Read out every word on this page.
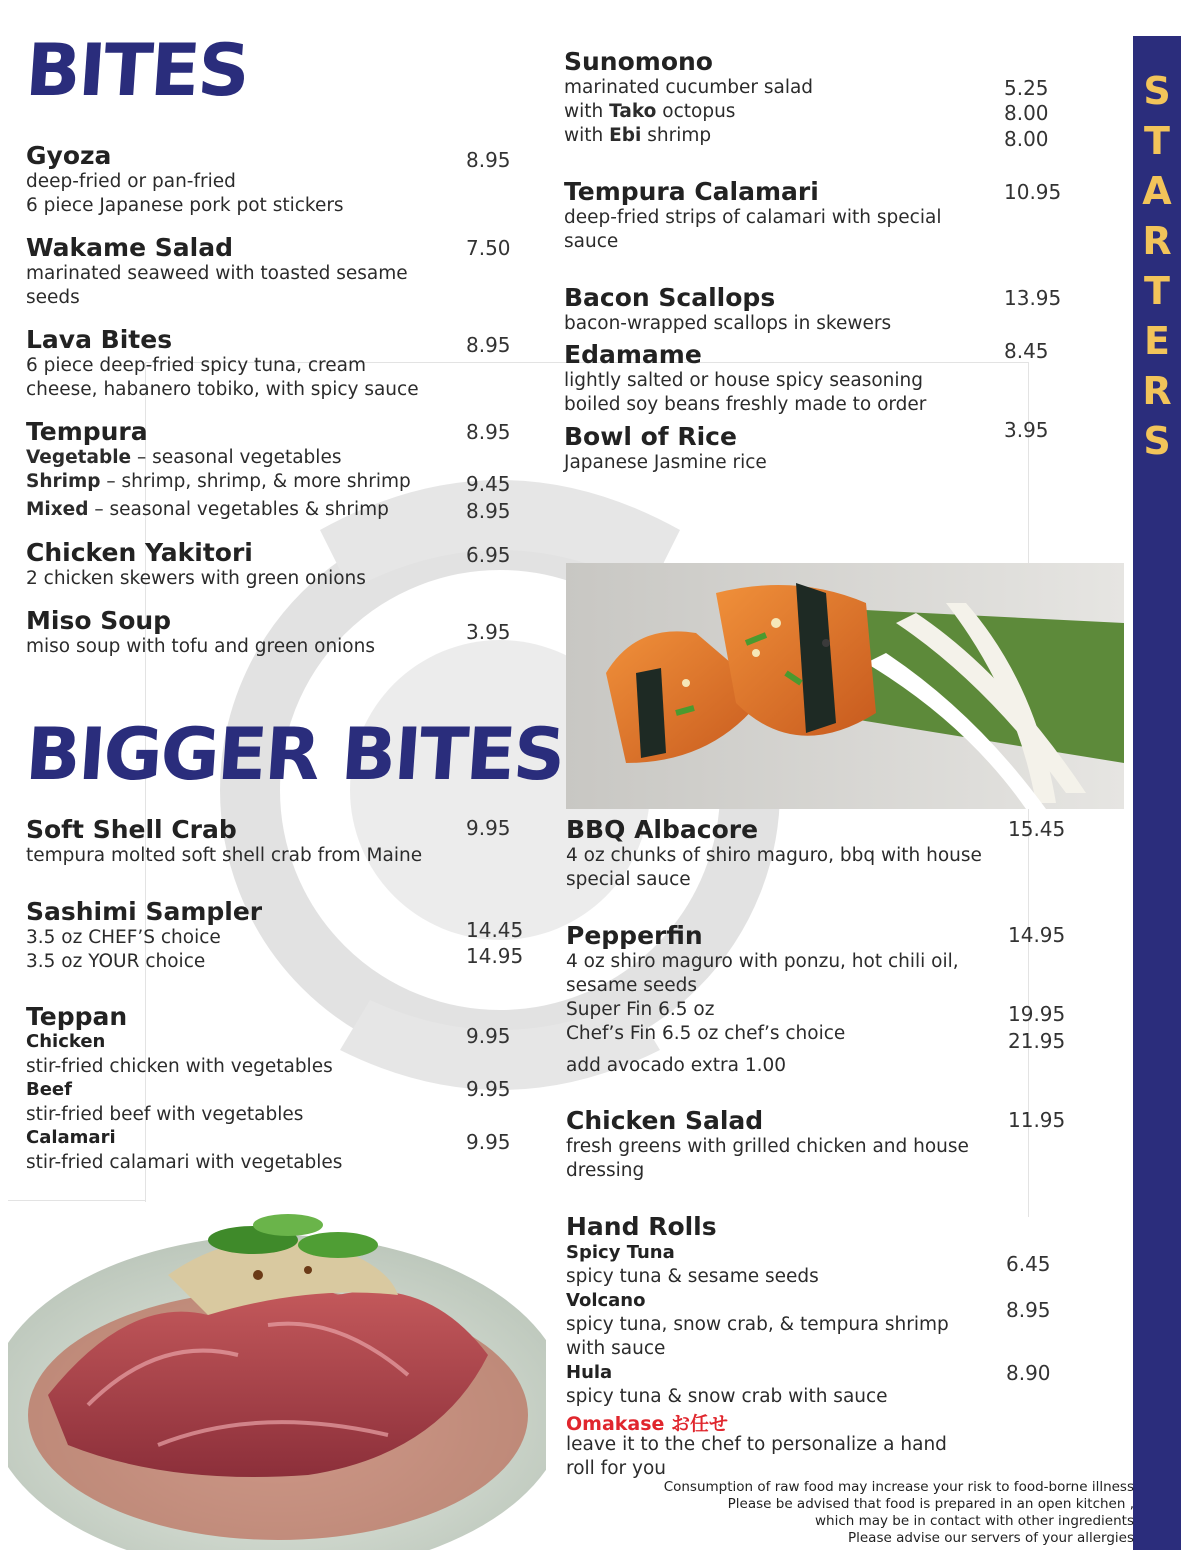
BITES
BIGGER BITES
S
T
A
R
T
E
R
S
Gyoza	8.95
deep-fried or pan-fried
6 piece Japanese pork pot stickers
Wakame Salad	7.50
marinated seaweed with toasted sesame
seeds
Lava Bites	8.95
6 piece deep-fried spicy tuna, cream
cheese, habanero tobiko, with spicy sauce
Tempura	8.95
Vegetable – seasonal vegetables
Shrimp – shrimp, shrimp, & more shrimp	9.45
Mixed – seasonal vegetables & shrimp	8.95
Chicken Yakitori	6.95
2 chicken skewers with green onions
Miso Soup	3.95
miso soup with tofu and green onions
Sunomono
marinated cucumber salad	5.25
with Tako octopus	8.00
with Ebi shrimp	8.00
Tempura Calamari	10.95
deep-fried strips of calamari with special
sauce
Bacon Scallops	13.95
bacon-wrapped scallops in skewers
Edamame	8.45
lightly salted or house spicy seasoning
boiled soy beans freshly made to order
Bowl of Rice	3.95
Japanese Jasmine rice
Soft Shell Crab	9.95
tempura molted soft shell crab from Maine
Sashimi Sampler
3.5 oz CHEF’S choice	14.45
3.5 oz YOUR choice	14.95
Teppan
Chicken	9.95
stir-fried chicken with vegetables
Beef	9.95
stir-fried beef with vegetables
Calamari	9.95
stir-fried calamari with vegetables
BBQ Albacore	15.45
4 oz chunks of shiro maguro, bbq with house
special sauce
Pepperfin	14.95
4 oz shiro maguro with ponzu, hot chili oil,
sesame seeds
Super Fin 6.5 oz	19.95
Chef’s Fin 6.5 oz chef’s choice	21.95
add avocado extra 1.00
Chicken Salad	11.95
fresh greens with grilled chicken and house
dressing
Hand Rolls
Spicy Tuna	6.45
spicy tuna & sesame seeds
Volcano	8.95
spicy tuna, snow crab, & tempura shrimp
with sauce
Hula	8.90
spicy tuna & snow crab with sauce
Omakase お任せ
leave it to the chef to personalize a hand
roll for you
Consumption of raw food may increase your risk to food-borne illness
Please be advised that food is prepared in an open kitchen ,
which may be in contact with other ingredients
Please advise our servers of your allergies
